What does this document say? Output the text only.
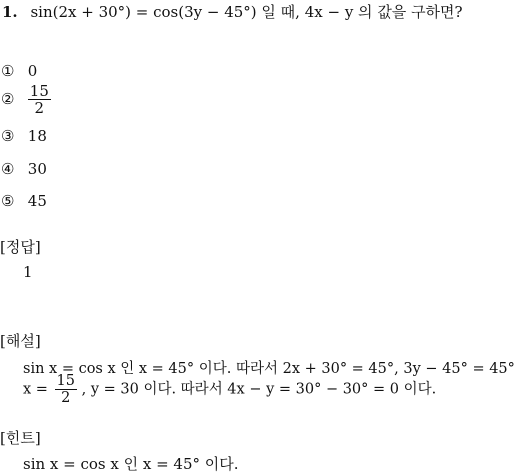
1. sin(2x + 30°) = cos(3y − 45°) 일 때, 4x − y 의 값을 구하면?
① 0
② $\frac{15}{2}$
③ 18
④ 30
⑤ 45
[정답]
1
[해설]
sin x = cos x 인 x = 45° 이다. 따라서 2x + 30° = 45°, 3y − 45° = 45°
$x = \frac{15}{2}$ , y = 30 이다. 따라서 4x − y = 30° − 30° = 0 이다.
[힌트]
sin x = cos x 인 x = 45° 이다.
